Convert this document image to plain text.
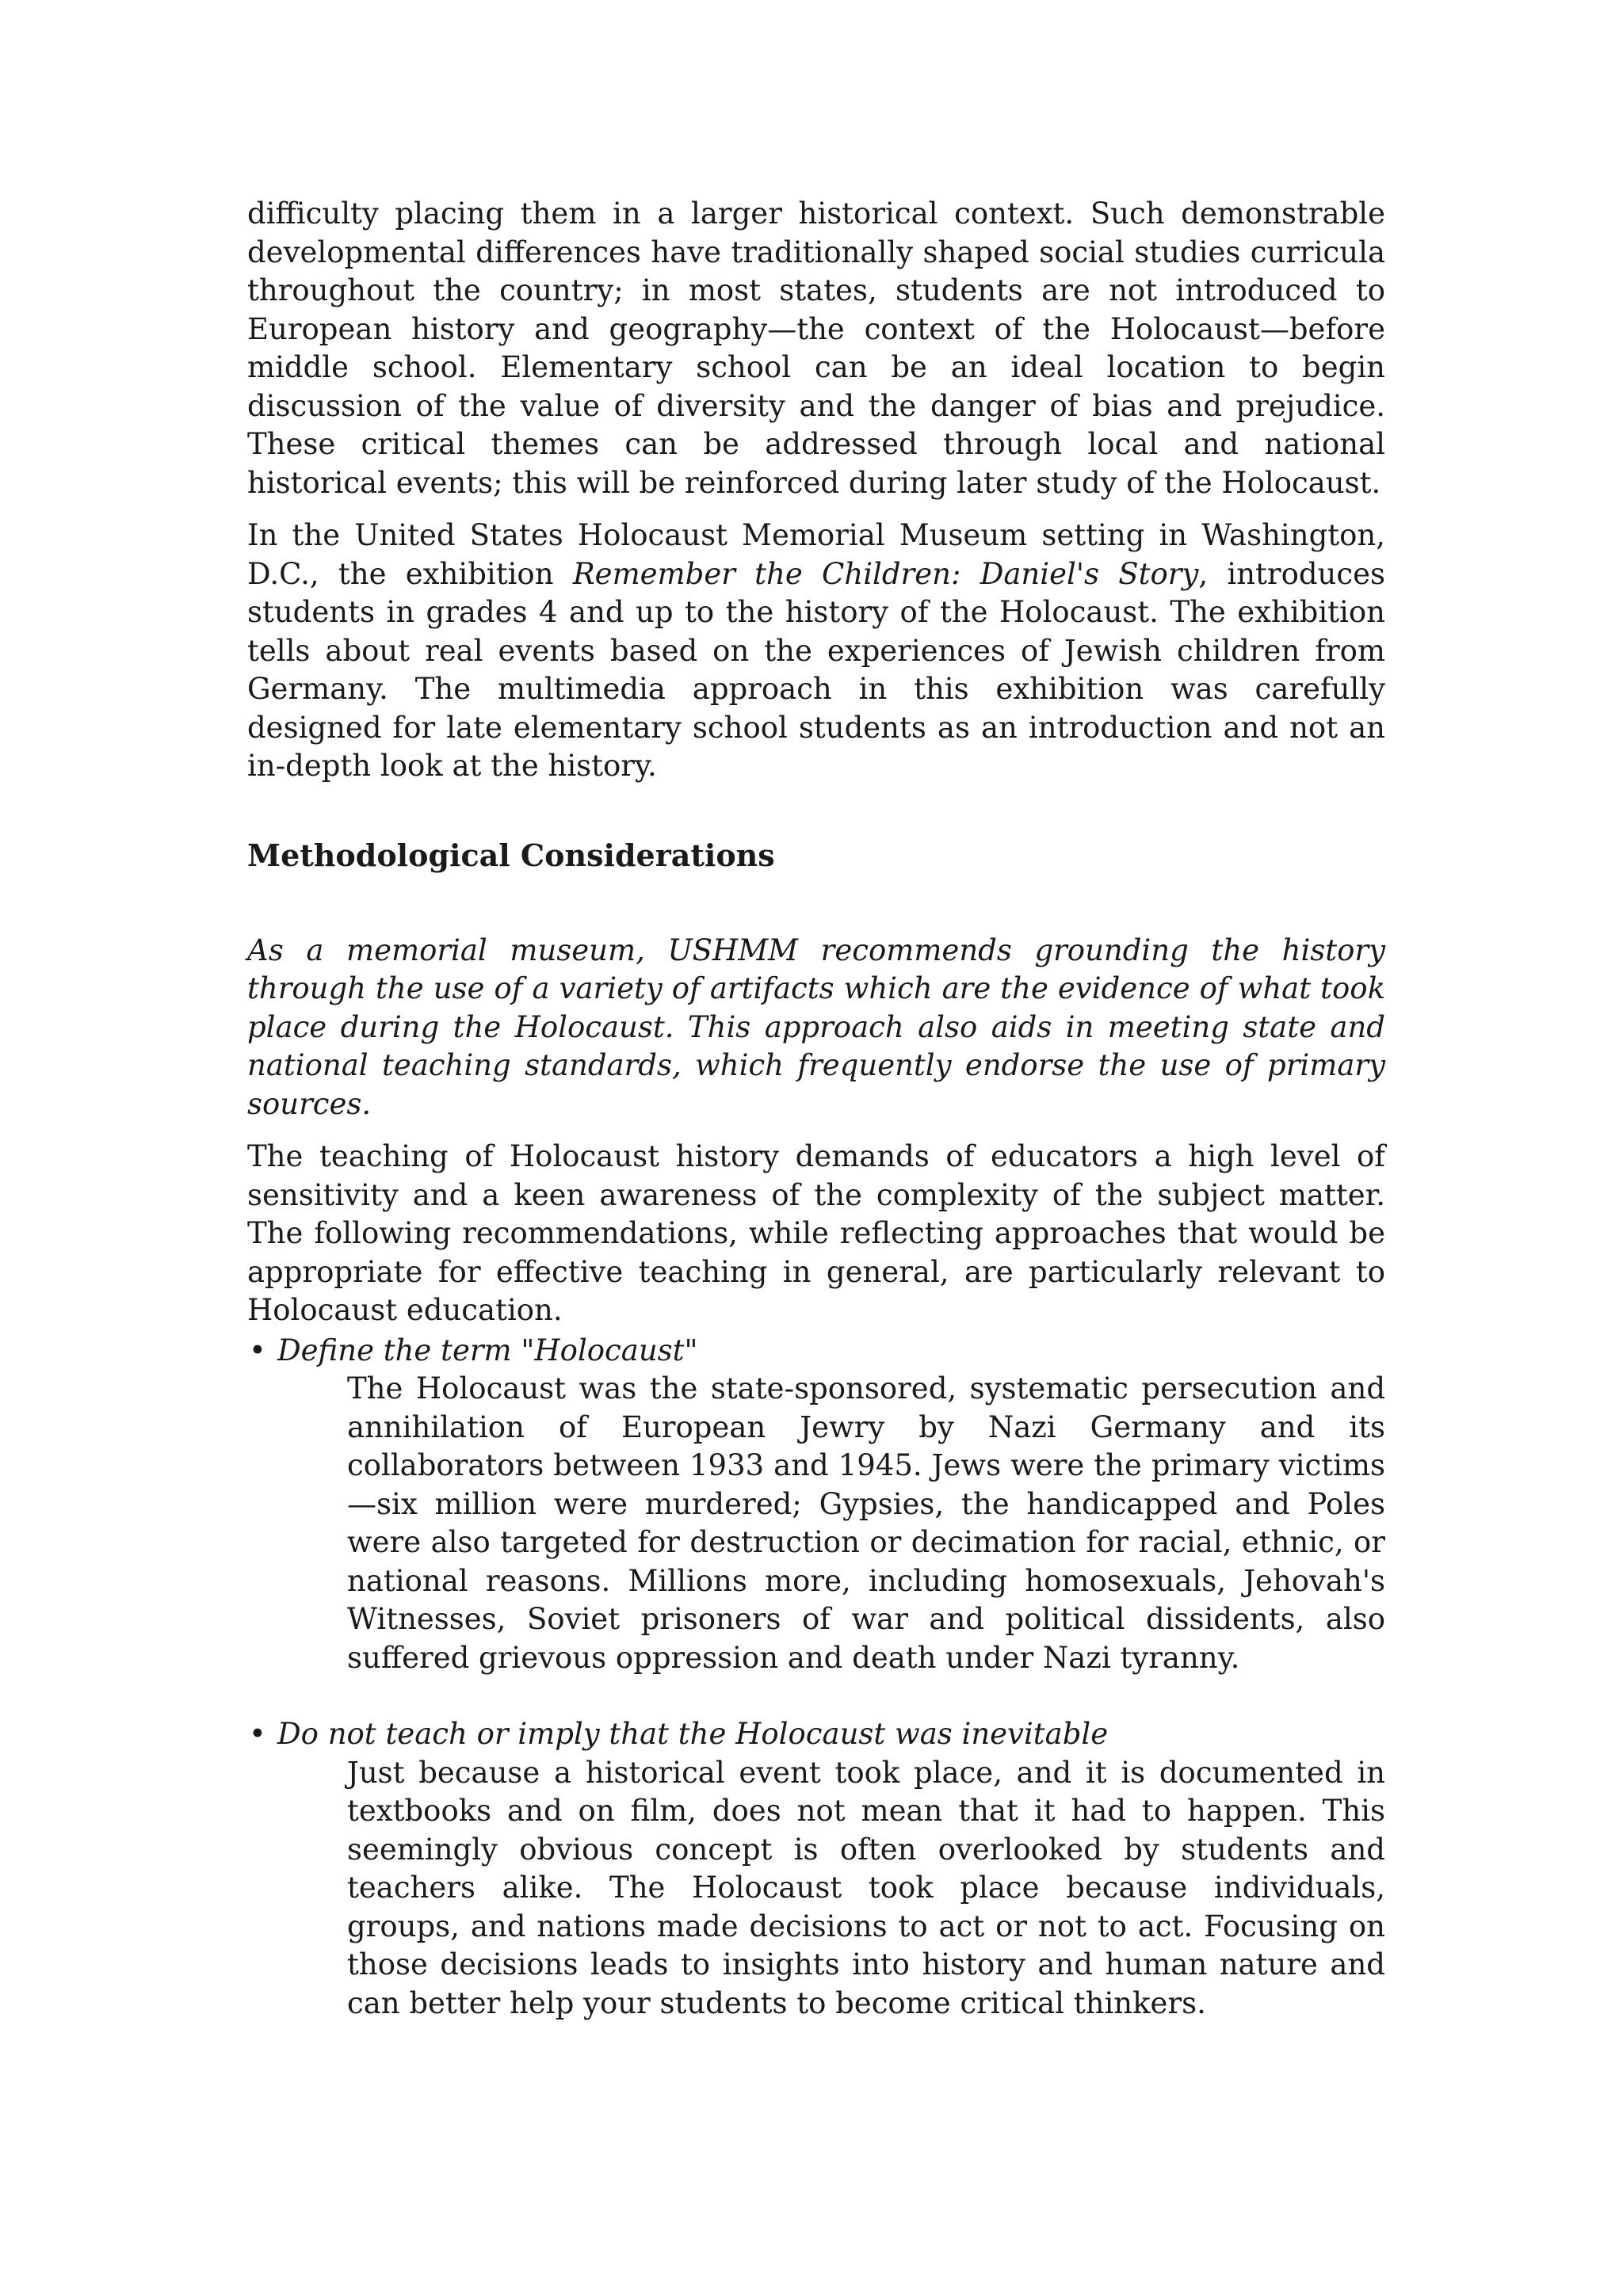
difficulty placing them in a larger historical context. Such demonstrable developmental differences have traditionally shaped social studies curricula throughout the country; in most states, students are not introduced to European history and geography—the context of the Holocaust—before middle school. Elementary school can be an ideal location to begin discussion of the value of diversity and the danger of bias and prejudice. These critical themes can be addressed through local and national historical events; this will be reinforced during later study of the Holocaust.

In the United States Holocaust Memorial Museum setting in Washington, D.C., the exhibition Remember the Children: Daniel's Story, introduces students in grades 4 and up to the history of the Holocaust. The exhibition tells about real events based on the experiences of Jewish children from Germany. The multimedia approach in this exhibition was carefully designed for late elementary school students as an introduction and not an in-depth look at the history.

Methodological Considerations

As a memorial museum, USHMM recommends grounding the history through the use of a variety of artifacts which are the evidence of what took place during the Holocaust. This approach also aids in meeting state and national teaching standards, which frequently endorse the use of primary sources.

The teaching of Holocaust history demands of educators a high level of sensitivity and a keen awareness of the complexity of the subject matter. The following recommendations, while reflecting approaches that would be appropriate for effective teaching in general, are particularly relevant to Holocaust education.

• Define the term "Holocaust"

The Holocaust was the state-sponsored, systematic persecution and annihilation of European Jewry by Nazi Germany and its collaborators between 1933 and 1945. Jews were the primary victims—six million were murdered; Gypsies, the handicapped and Poles were also targeted for destruction or decimation for racial, ethnic, or national reasons. Millions more, including homosexuals, Jehovah's Witnesses, Soviet prisoners of war and political dissidents, also suffered grievous oppression and death under Nazi tyranny.

• Do not teach or imply that the Holocaust was inevitable

Just because a historical event took place, and it is documented in textbooks and on film, does not mean that it had to happen. This seemingly obvious concept is often overlooked by students and teachers alike. The Holocaust took place because individuals, groups, and nations made decisions to act or not to act. Focusing on those decisions leads to insights into history and human nature and can better help your students to become critical thinkers.
